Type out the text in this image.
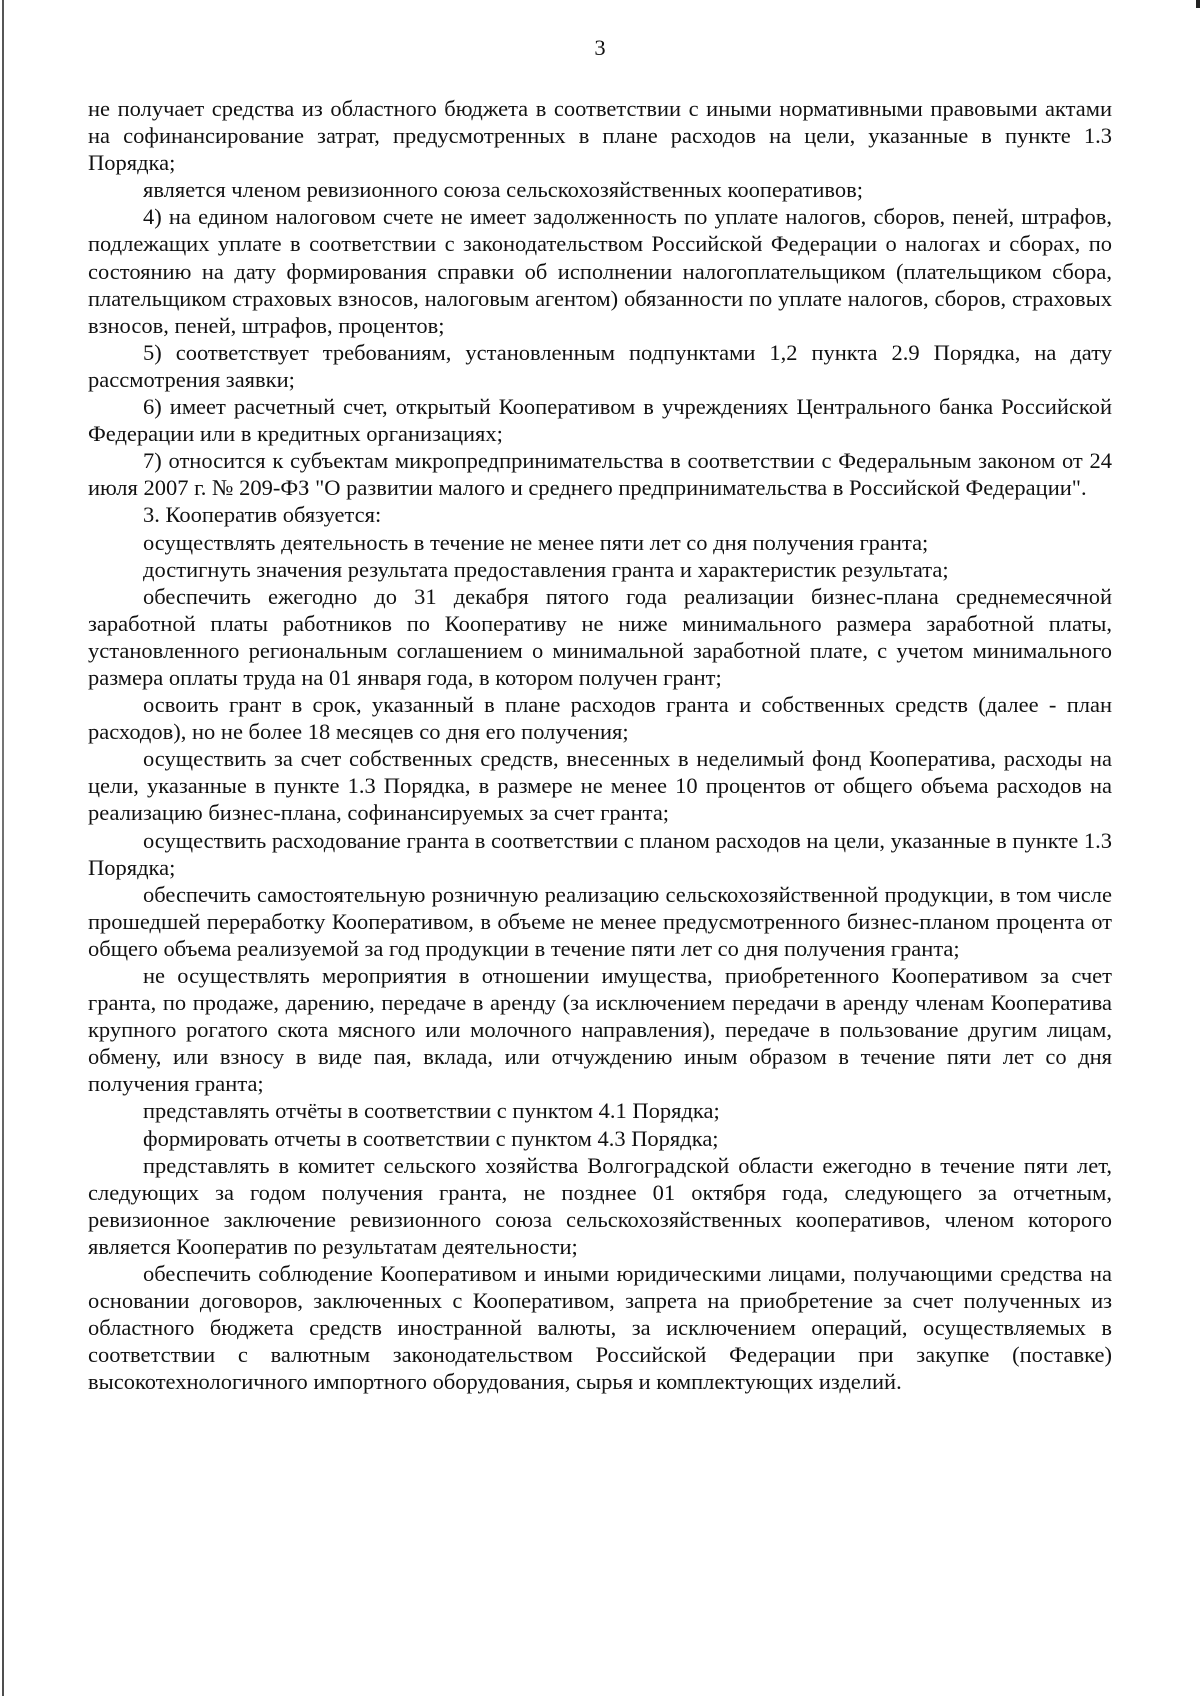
3

не получает средства из областного бюджета в соответствии с иными нормативными правовыми актами на софинансирование затрат, предусмотренных в плане расходов на цели, указанные в пункте 1.3 Порядка;

является членом ревизионного союза сельскохозяйственных кооперативов;

4) на едином налоговом счете не имеет задолженность по уплате налогов, сборов, пеней, штрафов, подлежащих уплате в соответствии с законодательством Российской Федерации о налогах и сборах, по состоянию на дату формирования справки об исполнении налогоплательщиком (плательщиком сбора, плательщиком страховых взносов, налоговым агентом) обязанности по уплате налогов, сборов, страховых взносов, пеней, штрафов, процентов;

5) соответствует требованиям, установленным подпунктами 1,2 пункта 2.9 Порядка, на дату рассмотрения заявки;

6) имеет расчетный счет, открытый Кооперативом в учреждениях Центрального банка Российской Федерации или в кредитных организациях;

7) относится к субъектам микропредпринимательства в соответствии с Федеральным законом от 24 июля 2007 г. № 209-ФЗ "О развитии малого и среднего предпринимательства в Российской Федерации".

3. Кооператив обязуется:

осуществлять деятельность в течение не менее пяти лет со дня получения гранта;

достигнуть значения результата предоставления гранта и характеристик результата;

обеспечить ежегодно до 31 декабря пятого года реализации бизнес-плана среднемесячной заработной платы работников по Кооперативу не ниже минимального размера заработной платы, установленного региональным соглашением о минимальной заработной плате, с учетом минимального размера оплаты труда на 01 января года, в котором получен грант;

освоить грант в срок, указанный в плане расходов гранта и собственных средств (далее - план расходов), но не более 18 месяцев со дня его получения;

осуществить за счет собственных средств, внесенных в неделимый фонд Кооператива, расходы на цели, указанные в пункте 1.3 Порядка, в размере не менее 10 процентов от общего объема расходов на реализацию бизнес-плана, софинансируемых за счет гранта;

осуществить расходование гранта в соответствии с планом расходов на цели, указанные в пункте 1.3 Порядка;

обеспечить самостоятельную розничную реализацию сельскохозяйственной продукции, в том числе прошедшей переработку Кооперативом, в объеме не менее предусмотренного бизнес-планом процента от общего объема реализуемой за год продукции в течение пяти лет со дня получения гранта;

не осуществлять мероприятия в отношении имущества, приобретенного Кооперативом за счет гранта, по продаже, дарению, передаче в аренду (за исключением передачи в аренду членам Кооператива крупного рогатого скота мясного или молочного направления), передаче в пользование другим лицам, обмену, или взносу в виде пая, вклада, или отчуждению иным образом в течение пяти лет со дня получения гранта;

представлять отчёты в соответствии с пунктом 4.1 Порядка;

формировать отчеты в соответствии с пунктом 4.3 Порядка;

представлять в комитет сельского хозяйства Волгоградской области ежегодно в течение пяти лет, следующих за годом получения гранта, не позднее 01 октября года, следующего за отчетным, ревизионное заключение ревизионного союза сельскохозяйственных кооперативов, членом которого является Кооператив по результатам деятельности;

обеспечить соблюдение Кооперативом и иными юридическими лицами, получающими средства на основании договоров, заключенных с Кооперативом, запрета на приобретение за счет полученных из областного бюджета средств иностранной валюты, за исключением операций, осуществляемых в соответствии с валютным законодательством Российской Федерации при закупке (поставке) высокотехнологичного импортного оборудования, сырья и комплектующих изделий.
